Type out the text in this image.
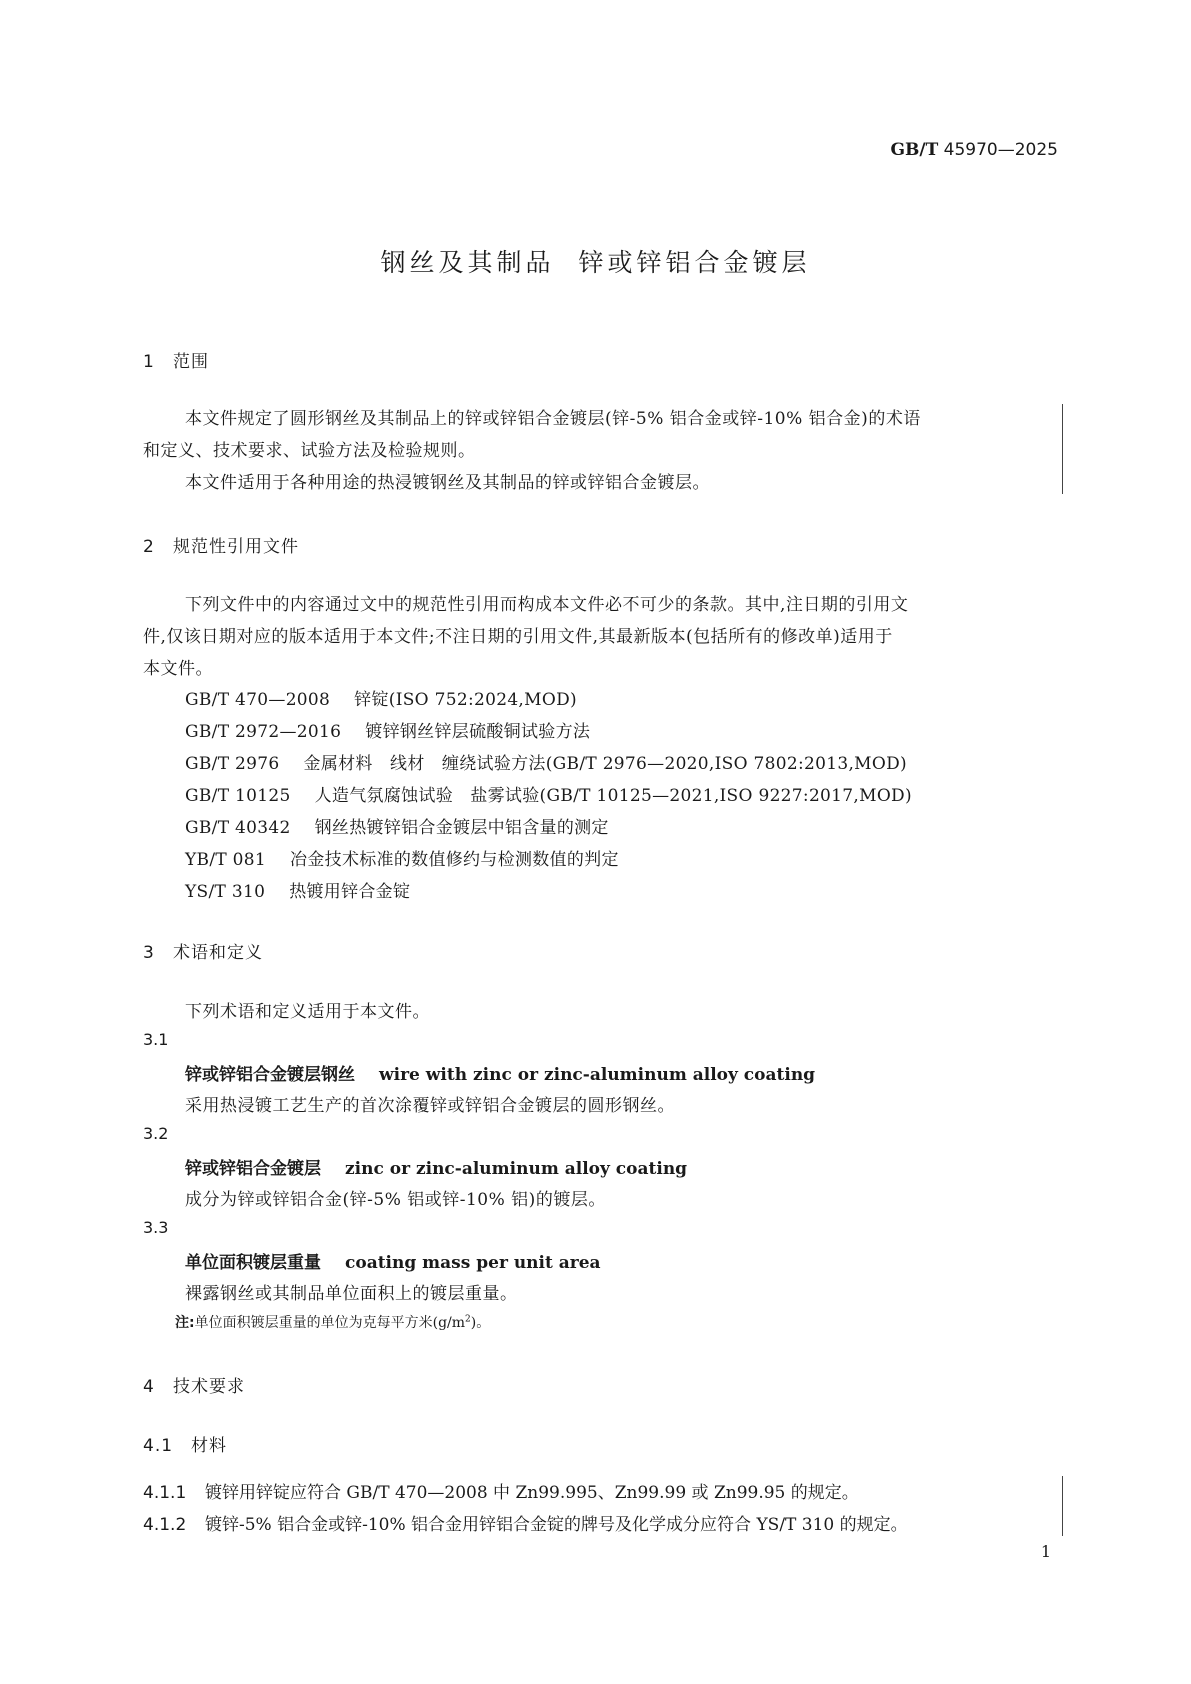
GB/T 45970—2025
钢丝及其制品 锌或锌铝合金镀层
1 范围
本文件规定了圆形钢丝及其制品上的锌或锌铝合金镀层(锌-5% 铝合金或锌-10% 铝合金)的术语
和定义、技术要求、试验方法及检验规则。
本文件适用于各种用途的热浸镀钢丝及其制品的锌或锌铝合金镀层。
2 规范性引用文件
下列文件中的内容通过文中的规范性引用而构成本文件必不可少的条款。其中,注日期的引用文
件,仅该日期对应的版本适用于本文件;不注日期的引用文件,其最新版本(包括所有的修改单)适用于
本文件。
GB/T 470—2008 锌锭(ISO 752:2024,MOD)
GB/T 2972—2016 镀锌钢丝锌层硫酸铜试验方法
GB/T 2976 金属材料　线材　缠绕试验方法(GB/T 2976—2020,ISO 7802:2013,MOD)
GB/T 10125 人造气氛腐蚀试验　盐雾试验(GB/T 10125—2021,ISO 9227:2017,MOD)
GB/T 40342 钢丝热镀锌铝合金镀层中铝含量的测定
YB/T 081 冶金技术标准的数值修约与检测数值的判定
YS/T 310 热镀用锌合金锭
3 术语和定义
下列术语和定义适用于本文件。
3.1
锌或锌铝合金镀层钢丝 wire with zinc or zinc-aluminum alloy coating
采用热浸镀工艺生产的首次涂覆锌或锌铝合金镀层的圆形钢丝。
3.2
锌或锌铝合金镀层 zinc or zinc-aluminum alloy coating
成分为锌或锌铝合金(锌-5% 铝或锌-10% 铝)的镀层。
3.3
单位面积镀层重量 coating mass per unit area
裸露钢丝或其制品单位面积上的镀层重量。
注:单位面积镀层重量的单位为克每平方米$(g/m^2)$。
4 技术要求
4.1 材料
4.1.1 镀锌用锌锭应符合 GB/T 470—2008 中 Zn99.995、Zn99.99 或 Zn99.95 的规定。
4.1.2 镀锌-5% 铝合金或锌-10% 铝合金用锌铝合金锭的牌号及化学成分应符合 YS/T 310 的规定。
1
